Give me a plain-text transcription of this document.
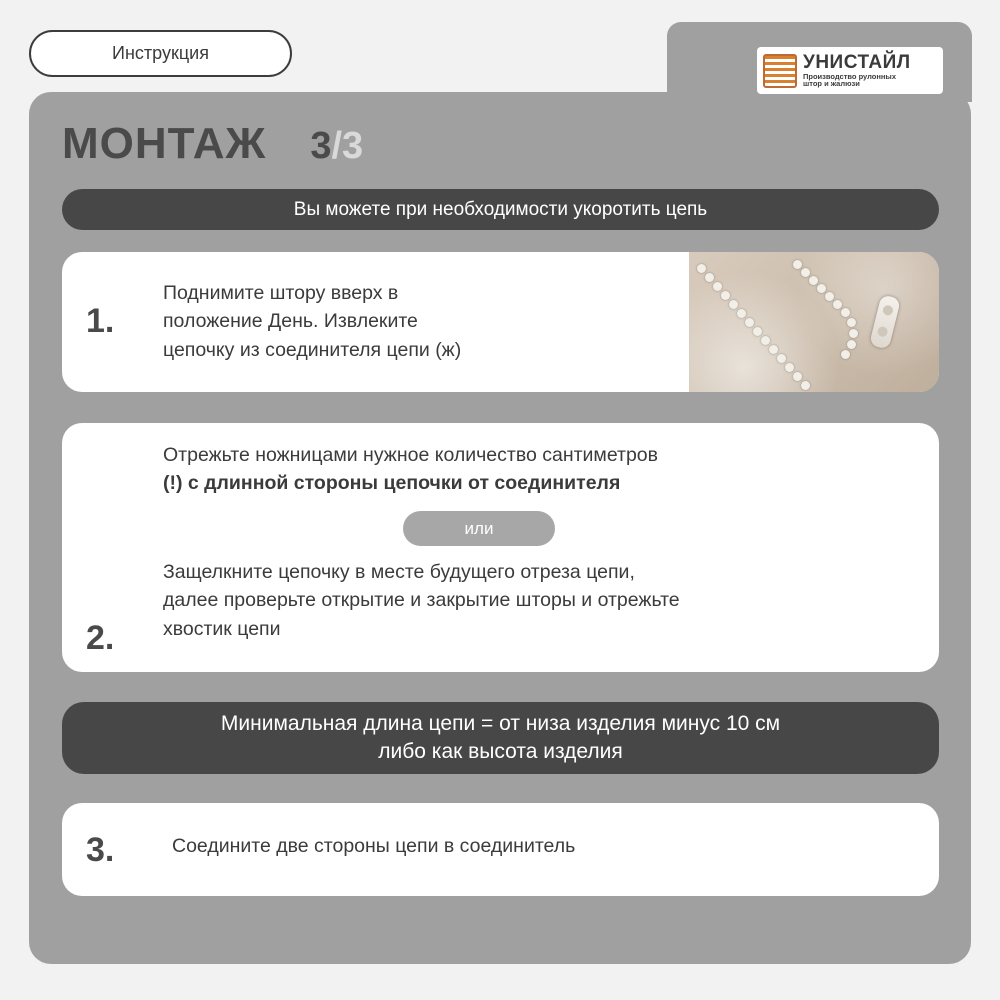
Инструкция	УНИСТАЙЛ
Производство рулонных
штор и жалюзи
МОНТАЖ 3/3
Вы можете при необходимости укоротить цепь
1.
Поднимите штору вверх в
положение День. Извлеките
цепочку из соединителя цепи (ж)
2.
Отрежьте ножницами нужное количество сантиметров
(!) с длинной стороны цепочки от соединителя
или
Защелкните цепочку в месте будущего отреза цепи,
далее проверьте открытие и закрытие шторы и отрежьте
хвостик цепи
Минимальная длина цепи = от низа изделия минус 10 см
либо как высота изделия
3.	Соедините две стороны цепи в соединитель
